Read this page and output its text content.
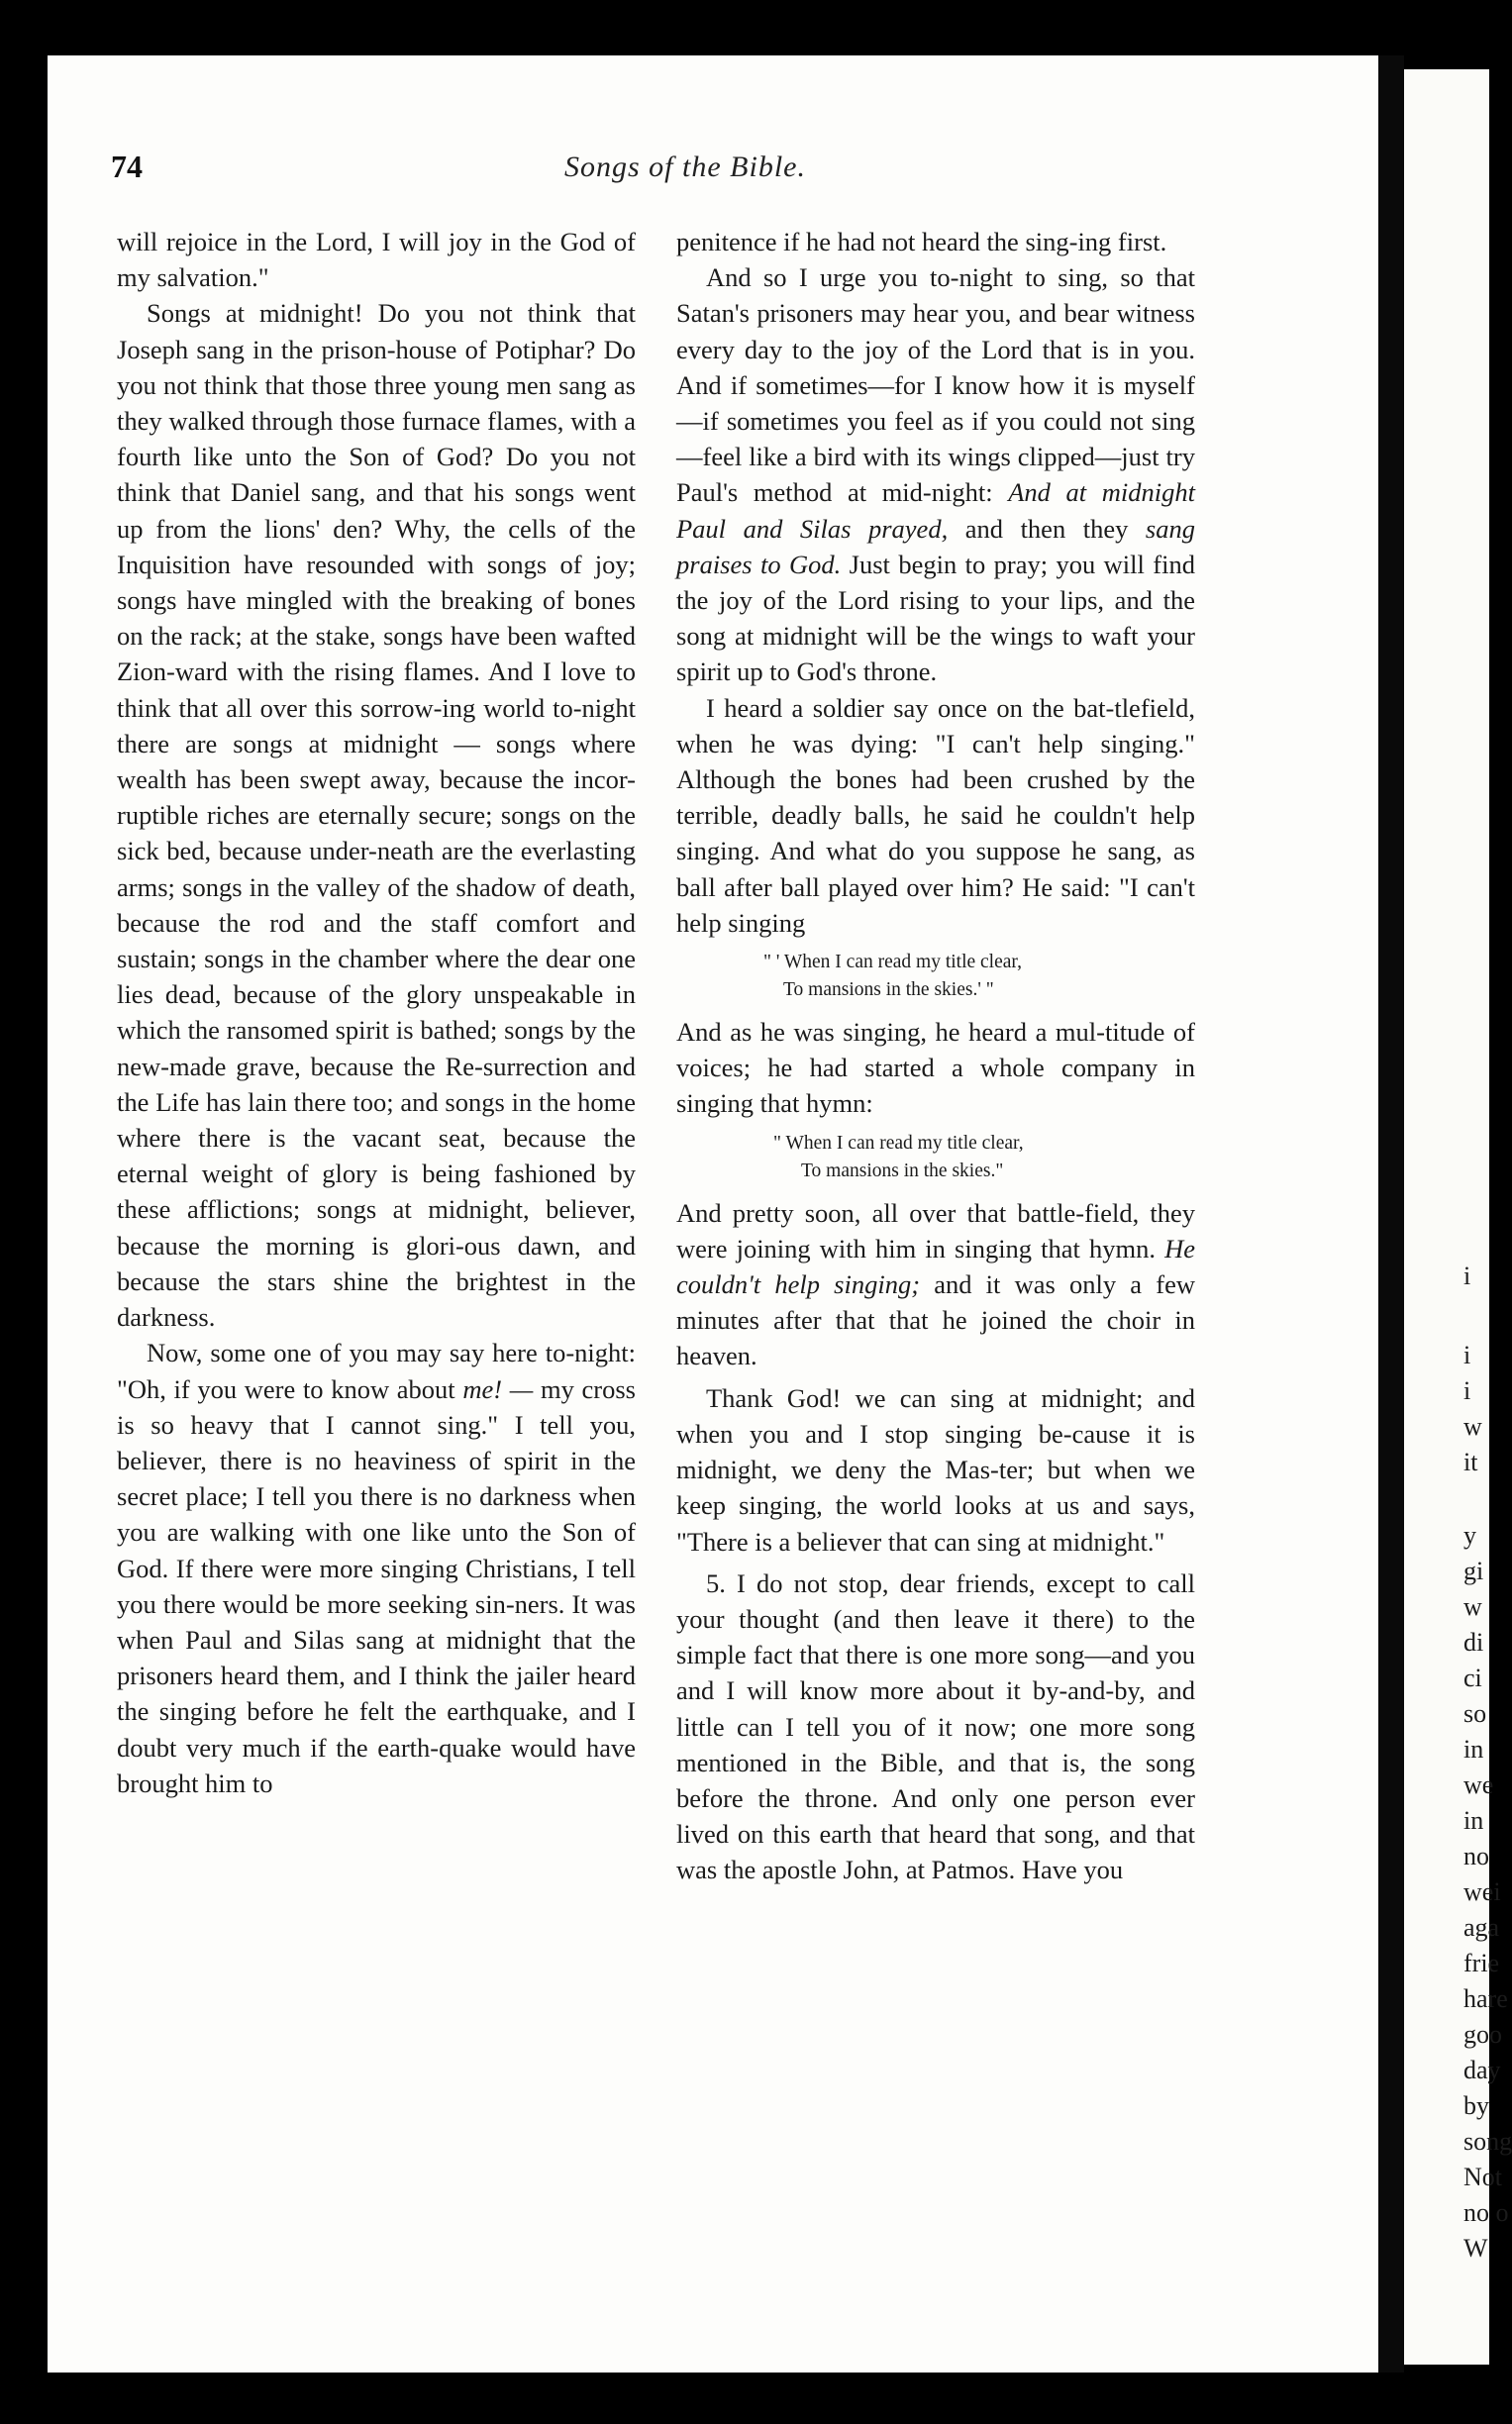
i
i
i
w
it
y
gi
w
di
ci
so
in
we
in
no
wei
aga
frie
hare
goo
day
by
song
Not
no o
W
74	Songs of the Bible.

will rejoice in the Lord, I will joy in the God of my salvation."

Songs at midnight! Do you not think that Joseph sang in the prison-house of Potiphar? Do you not think that those three young men sang as they walked through those furnace flames, with a fourth like unto the Son of God? Do you not think that Daniel sang, and that his songs went up from the lions' den? Why, the cells of the Inquisition have resounded with songs of joy; songs have mingled with the breaking of bones on the rack; at the stake, songs have been wafted Zion-ward with the rising flames. And I love to think that all over this sorrow-ing world to-night there are songs at midnight — songs where wealth has been swept away, because the incor-ruptible riches are eternally secure; songs on the sick bed, because under-neath are the everlasting arms; songs in the valley of the shadow of death, because the rod and the staff comfort and sustain; songs in the chamber where the dear one lies dead, because of the glory unspeakable in which the ransomed spirit is bathed; songs by the new-made grave, because the Re-surrection and the Life has lain there too; and songs in the home where there is the vacant seat, because the eternal weight of glory is being fashioned by these afflictions; songs at midnight, believer, because the morning is glori-ous dawn, and because the stars shine the brightest in the darkness.

Now, some one of you may say here to-night: "Oh, if you were to know about me! — my cross is so heavy that I cannot sing." I tell you, believer, there is no heaviness of spirit in the secret place; I tell you there is no darkness when you are walking with one like unto the Son of God. If there were more singing Christians, I tell you there would be more seeking sin-ners. It was when Paul and Silas sang at midnight that the prisoners heard them, and I think the jailer heard the singing before he felt the earthquake, and I doubt very much if the earth-quake would have brought him to

penitence if he had not heard the sing-ing first.

And so I urge you to-night to sing, so that Satan's prisoners may hear you, and bear witness every day to the joy of the Lord that is in you. And if sometimes—for I know how it is myself —if sometimes you feel as if you could not sing—feel like a bird with its wings clipped—just try Paul's method at mid-night: And at midnight Paul and Silas prayed, and then they sang praises to God. Just begin to pray; you will find the joy of the Lord rising to your lips, and the song at midnight will be the wings to waft your spirit up to God's throne.

I heard a soldier say once on the bat-tlefield, when he was dying: "I can't help singing." Although the bones had been crushed by the terrible, deadly balls, he said he couldn't help singing. And what do you suppose he sang, as ball after ball played over him? He said: "I can't help singing

" ' When I can read my title clear,
To mansions in the skies.' "

And as he was singing, he heard a mul-titude of voices; he had started a whole company in singing that hymn:

" When I can read my title clear,
To mansions in the skies."

And pretty soon, all over that battle-field, they were joining with him in singing that hymn. He couldn't help singing; and it was only a few minutes after that that he joined the choir in heaven.

Thank God! we can sing at midnight; and when you and I stop singing be-cause it is midnight, we deny the Mas-ter; but when we keep singing, the world looks at us and says, "There is a believer that can sing at midnight."

5. I do not stop, dear friends, except to call your thought (and then leave it there) to the simple fact that there is one more song—and you and I will know more about it by-and-by, and little can I tell you of it now; one more song mentioned in the Bible, and that is, the song before the throne. And only one person ever lived on this earth that heard that song, and that was the apostle John, at Patmos. Have you
